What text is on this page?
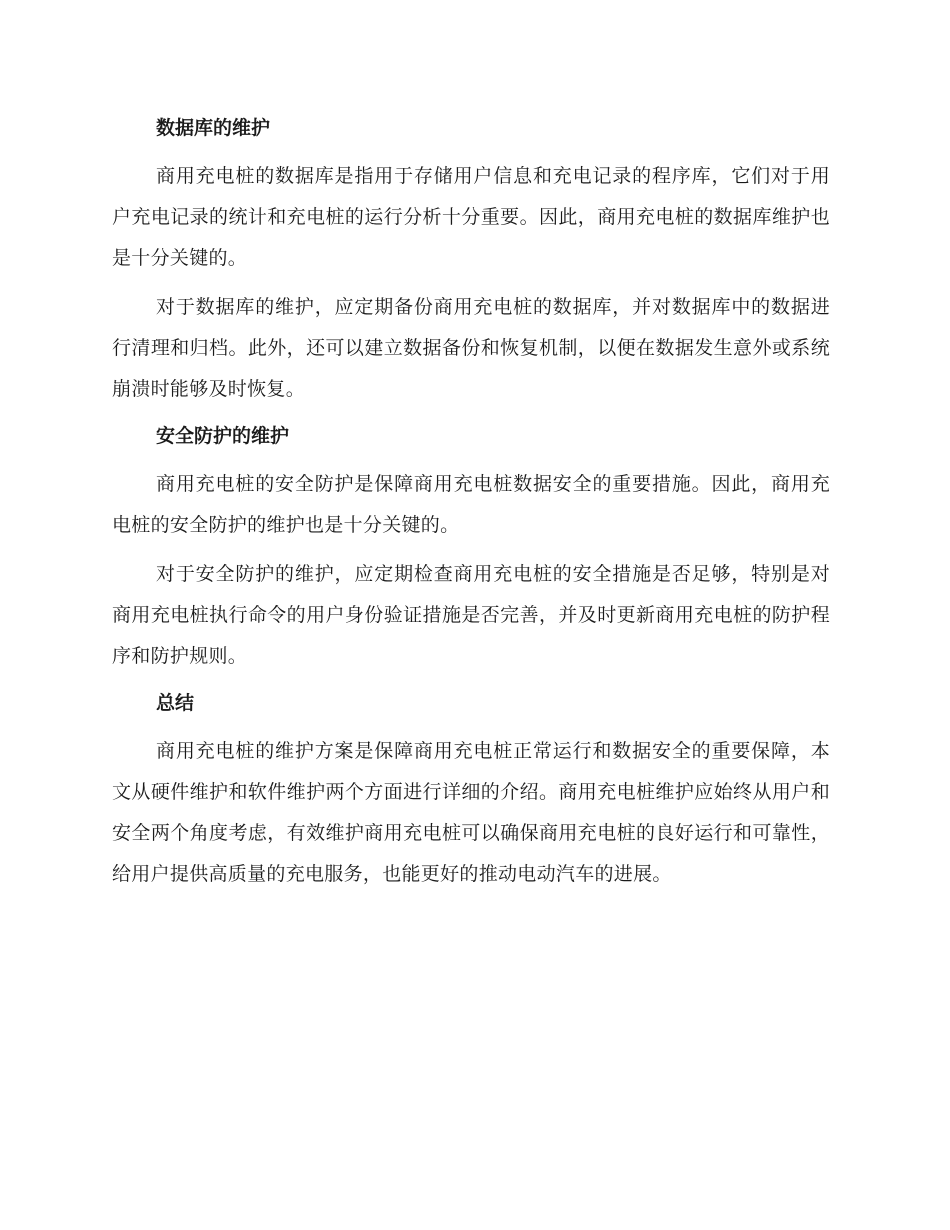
数据库的维护

商用充电桩的数据库是指用于存储用户信息和充电记录的程序库，它们对于用户充电记录的统计和充电桩的运行分析十分重要。因此，商用充电桩的数据库维护也是十分关键的。

对于数据库的维护，应定期备份商用充电桩的数据库，并对数据库中的数据进行清理和归档。此外，还可以建立数据备份和恢复机制，以便在数据发生意外或系统崩溃时能够及时恢复。

安全防护的维护

商用充电桩的安全防护是保障商用充电桩数据安全的重要措施。因此，商用充电桩的安全防护的维护也是十分关键的。

对于安全防护的维护，应定期检查商用充电桩的安全措施是否足够，特别是对商用充电桩执行命令的用户身份验证措施是否完善，并及时更新商用充电桩的防护程序和防护规则。

总结

商用充电桩的维护方案是保障商用充电桩正常运行和数据安全的重要保障，本文从硬件维护和软件维护两个方面进行详细的介绍。商用充电桩维护应始终从用户和安全两个角度考虑，有效维护商用充电桩可以确保商用充电桩的良好运行和可靠性，给用户提供高质量的充电服务，也能更好的推动电动汽车的进展。
